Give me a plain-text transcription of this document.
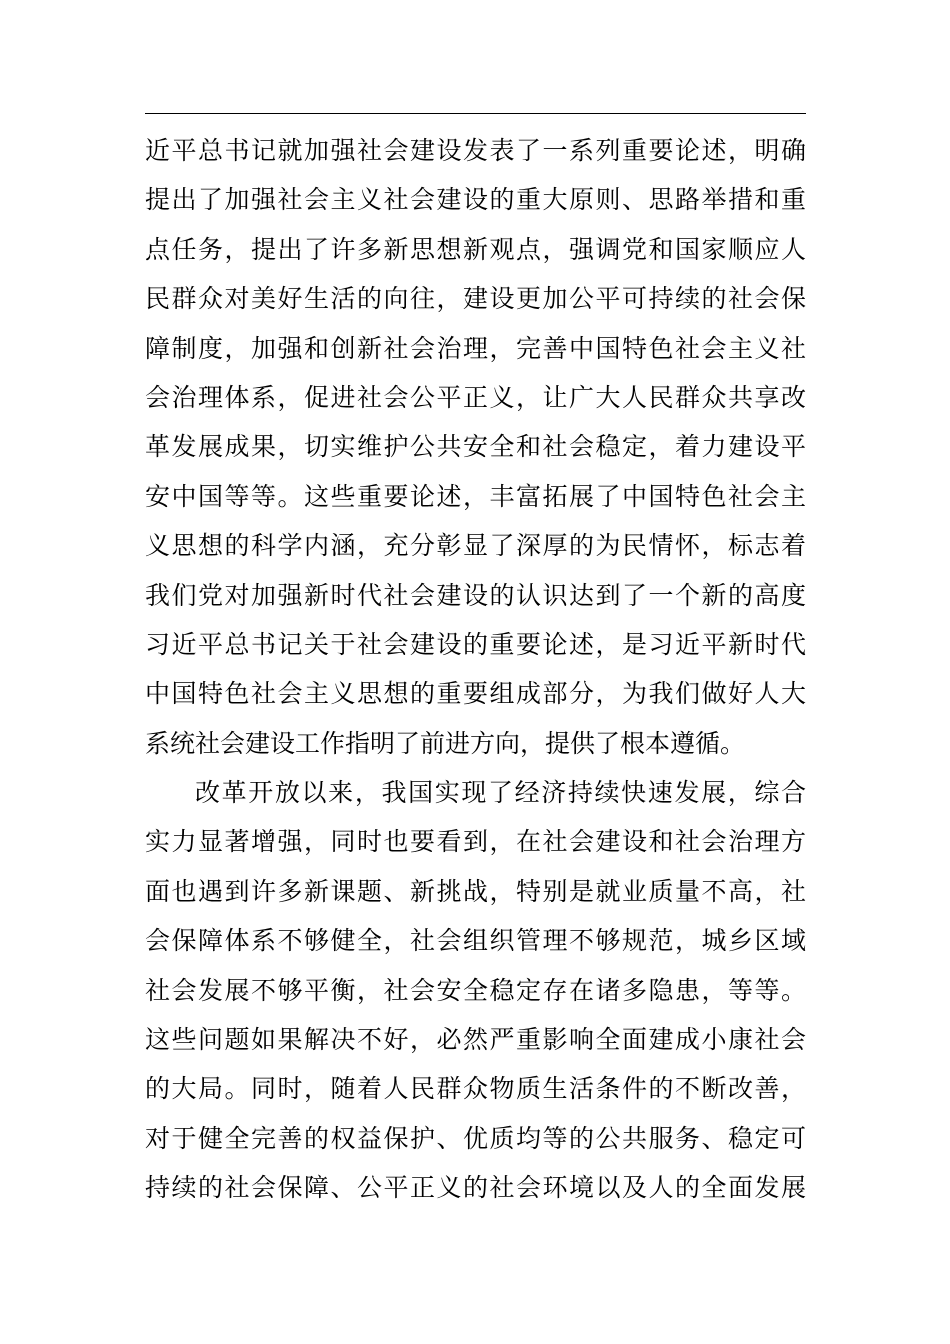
近平总书记就加强社会建设发表了一系列重要论述，明确
提出了加强社会主义社会建设的重大原则、思路举措和重
点任务，提出了许多新思想新观点，强调党和国家顺应人
民群众对美好生活的向往，建设更加公平可持续的社会保
障制度，加强和创新社会治理，完善中国特色社会主义社
会治理体系，促进社会公平正义，让广大人民群众共享改
革发展成果，切实维护公共安全和社会稳定，着力建设平
安中国等等。这些重要论述，丰富拓展了中国特色社会主
义思想的科学内涵，充分彰显了深厚的为民情怀，标志着
我们党对加强新时代社会建设的认识达到了一个新的高度
习近平总书记关于社会建设的重要论述，是习近平新时代
中国特色社会主义思想的重要组成部分，为我们做好人大
系统社会建设工作指明了前进方向，提供了根本遵循。
改革开放以来，我国实现了经济持续快速发展，综合
实力显著增强，同时也要看到，在社会建设和社会治理方
面也遇到许多新课题、新挑战，特别是就业质量不高，社
会保障体系不够健全，社会组织管理不够规范，城乡区域
社会发展不够平衡，社会安全稳定存在诸多隐患，等等。
这些问题如果解决不好，必然严重影响全面建成小康社会
的大局。同时，随着人民群众物质生活条件的不断改善，
对于健全完善的权益保护、优质均等的公共服务、稳定可
持续的社会保障、公平正义的社会环境以及人的全面发展
